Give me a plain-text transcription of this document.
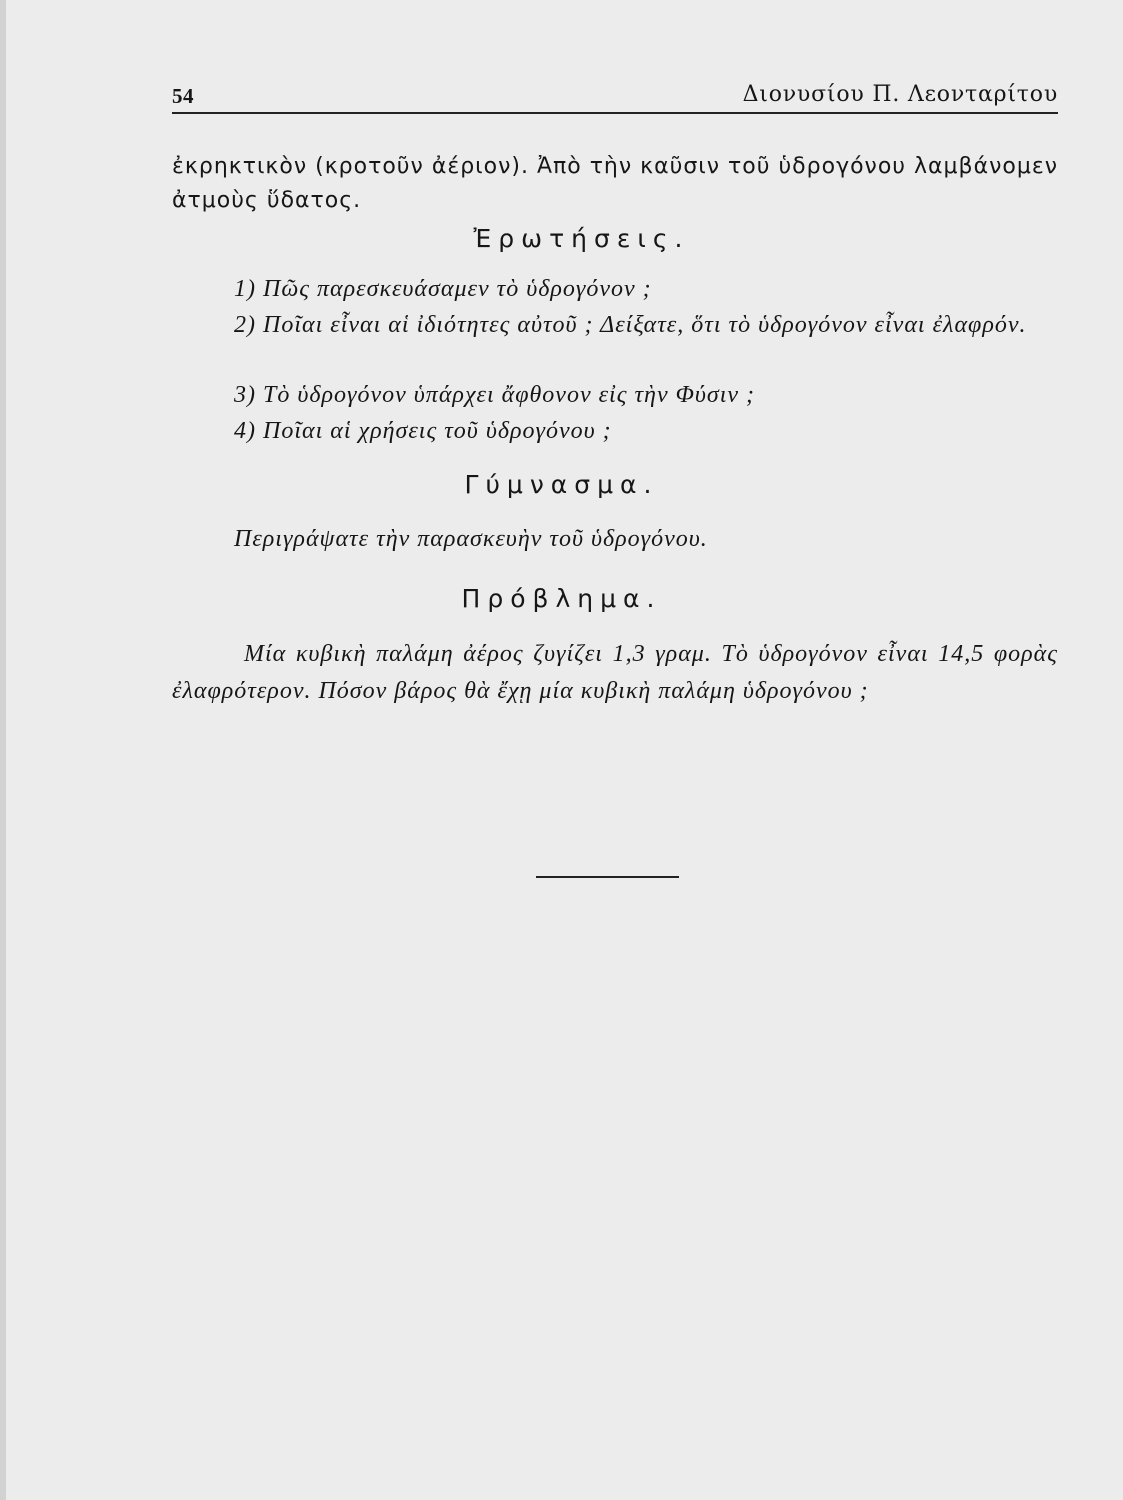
54	Διονυσίου Π. Λεονταρίτου
ἐκρηκτικὸν (κροτοῦν ἀέριον). Ἀπὸ τὴν καῦσιν τοῦ ὑδρογόνου λαμβάνομεν ἀτμοὺς ὕδατος.
Ἐρωτήσεις.
1) Πῶς παρεσκευάσαμεν τὸ ὑδρογόνον ;
2) Ποῖαι εἶναι αἱ ἰδιότητες αὐτοῦ ; Δείξατε, ὅτι τὸ ὑδρογόνον εἶναι ἐλαφρόν.
3) Τὸ ὑδρογόνον ὑπάρχει ἄφθονον εἰς τὴν Φύσιν ;
4) Ποῖαι αἱ χρήσεις τοῦ ὑδρογόνου ;
Γύμνασμα.
Περιγράψατε τὴν παρασκευὴν τοῦ ὑδρογόνου.
Πρόβλημα.
Μία κυβικὴ παλάμη ἀέρος ζυγίζει 1,3 γραμ. Τὸ ὑδρογόνον εἶναι 14,5 φορὰς ἐλαφρότερον. Πόσον βάρος θὰ ἔχῃ μία κυβικὴ παλάμη ὑδρογόνου ;
